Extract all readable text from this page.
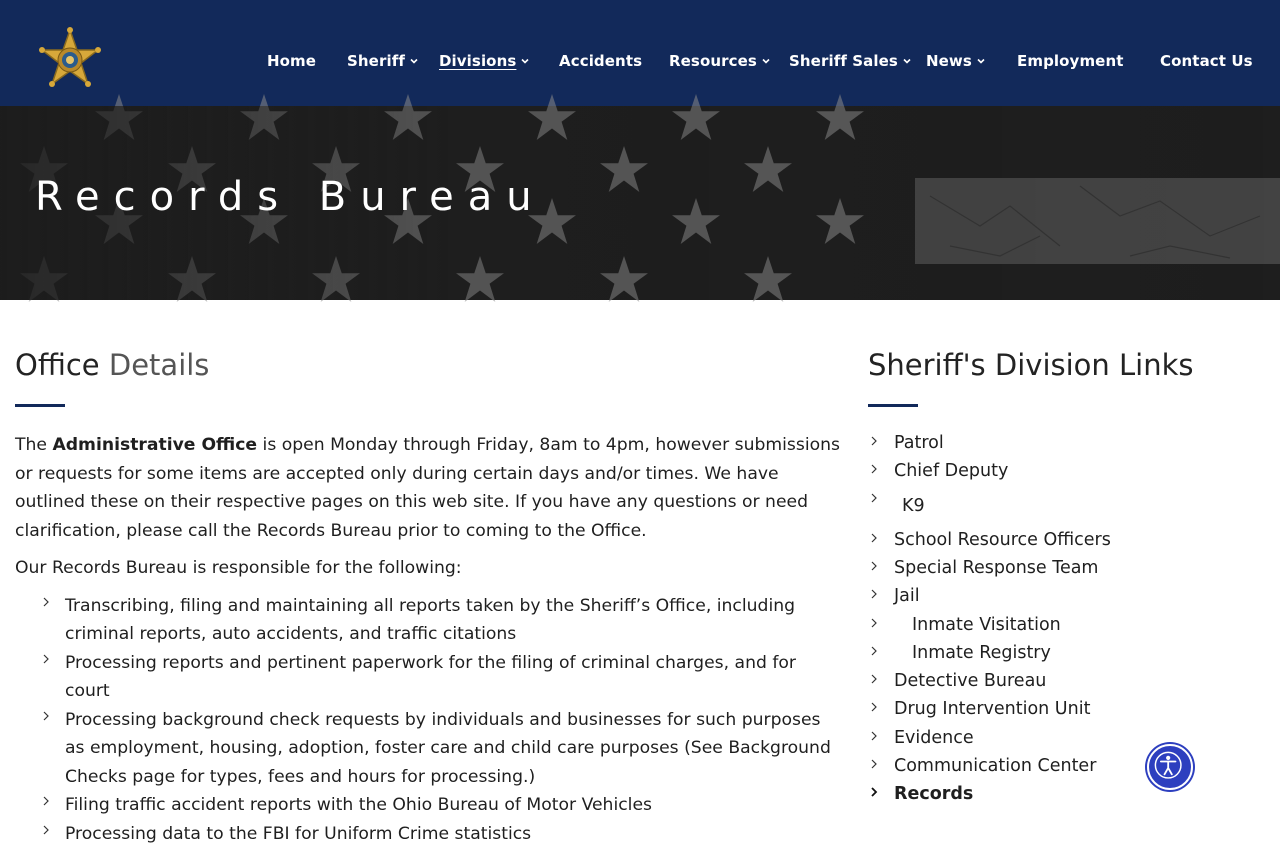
Home Sheriff Divisions	Accidents Resources Sheriff Sales News	Employment Contact Us
Records Bureau
Office Details

The Administrative Office is open Monday through Friday, 8am to 4pm, however submissions or requests for some items are accepted only during certain days and/or times. We have outlined these on their respective pages on this web site. If you have any questions or need clarification, please call the Records Bureau prior to coming to the Office.

Our Records Bureau is responsible for the following:

Transcribing, filing and maintaining all reports taken by the Sheriff’s Office, including criminal reports, auto accidents, and traffic citations
Processing reports and pertinent paperwork for the filing of criminal charges, and for court
Processing background check requests by individuals and businesses for such purposes as employment, housing, adoption, foster care and child care purposes (See Background Checks page for types, fees and hours for processing.)
Filing traffic accident reports with the Ohio Bureau of Motor Vehicles
Processing data to the FBI for Uniform Crime statistics
Sheriff's Division Links
Patrol
Chief Deputy
K9
School Resource Officers
Special Response Team
Jail
Inmate Visitation
Inmate Registry
Detective Bureau
Drug Intervention Unit
Evidence
Communication Center
Records
